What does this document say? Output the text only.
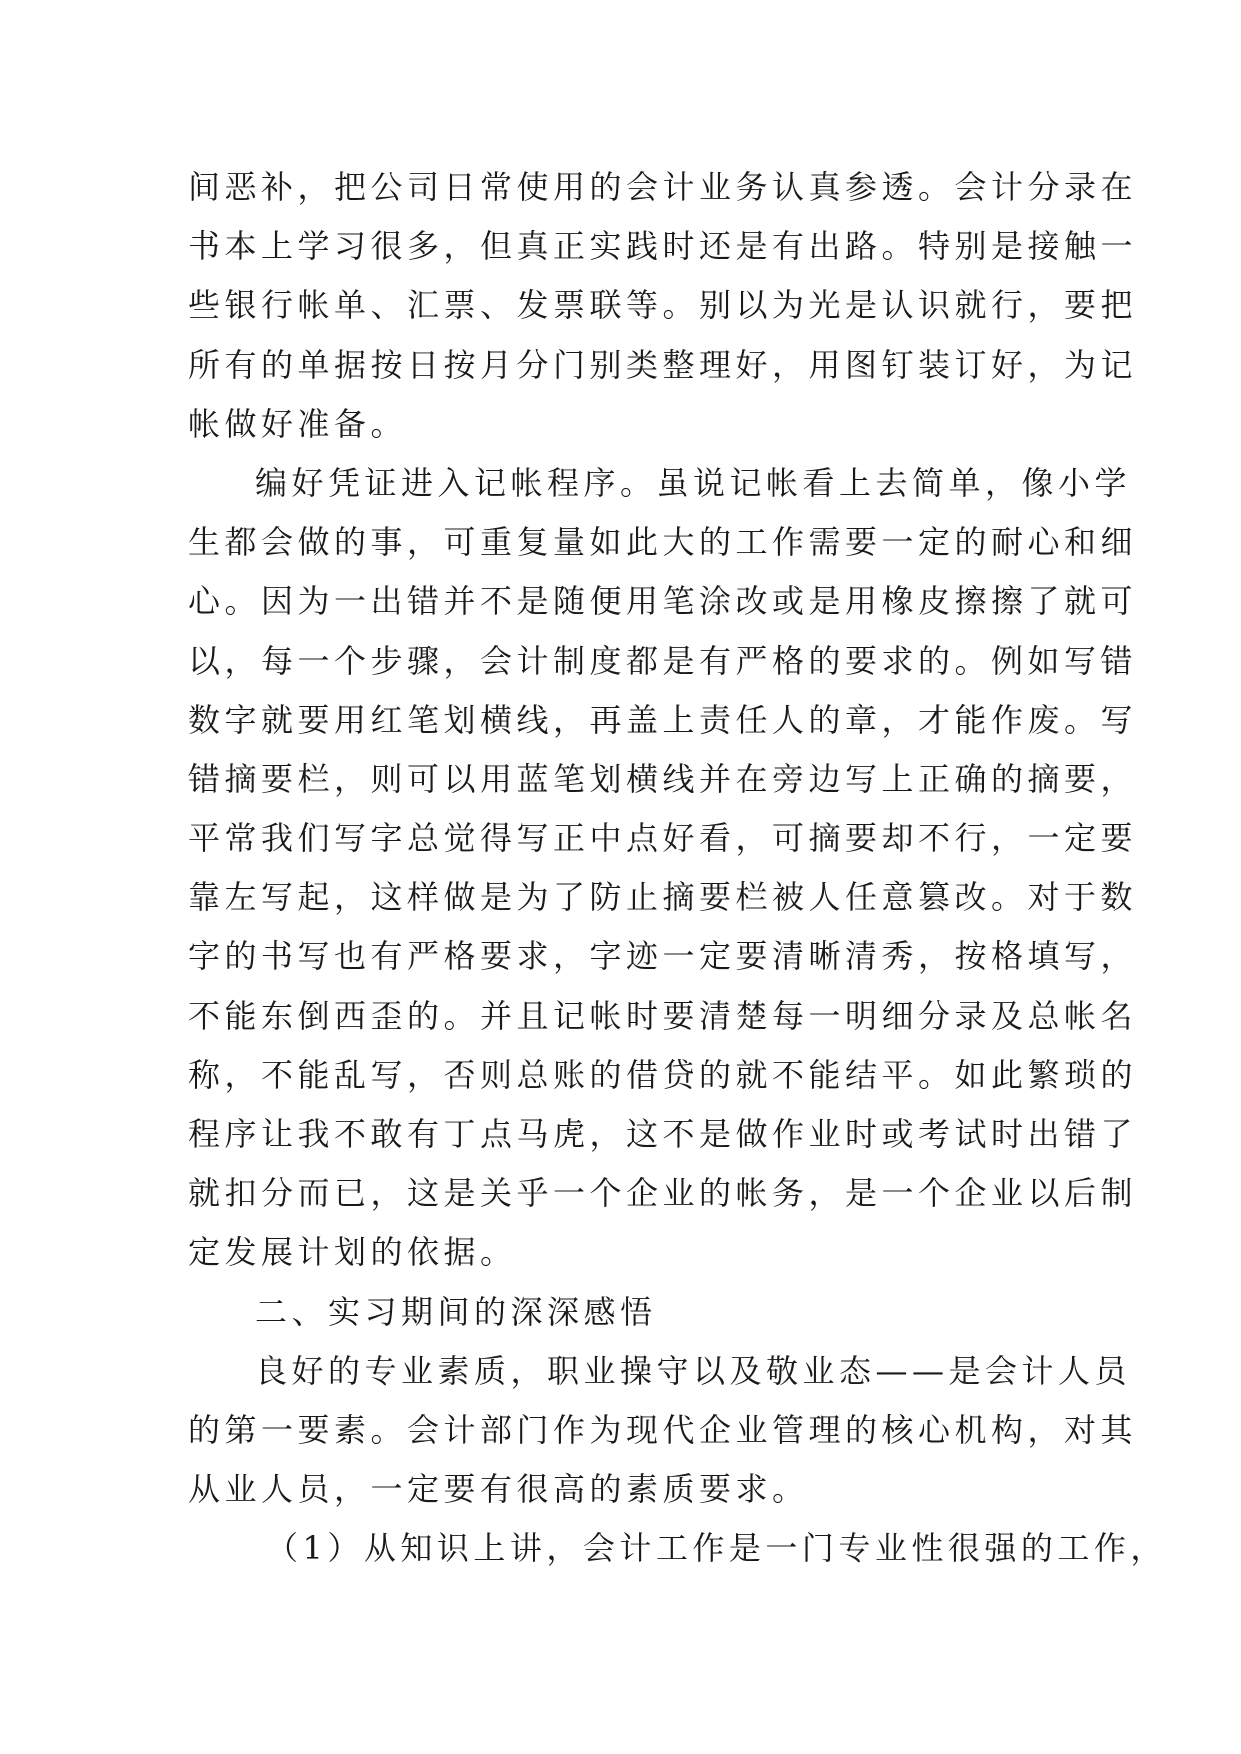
间恶补，把公司日常使用的会计业务认真参透。会计分录在
书本上学习很多，但真正实践时还是有出路。特别是接触一
些银行帐单、汇票、发票联等。别以为光是认识就行，要把
所有的单据按日按月分门别类整理好，用图钉装订好，为记
帐做好准备。
编好凭证进入记帐程序。虽说记帐看上去简单，像小学
生都会做的事，可重复量如此大的工作需要一定的耐心和细
心。因为一出错并不是随便用笔涂改或是用橡皮擦擦了就可
以，每一个步骤，会计制度都是有严格的要求的。例如写错
数字就要用红笔划横线，再盖上责任人的章，才能作废。写
错摘要栏，则可以用蓝笔划横线并在旁边写上正确的摘要，
平常我们写字总觉得写正中点好看，可摘要却不行，一定要
靠左写起，这样做是为了防止摘要栏被人任意篡改。对于数
字的书写也有严格要求，字迹一定要清晰清秀，按格填写，
不能东倒西歪的。并且记帐时要清楚每一明细分录及总帐名
称，不能乱写，否则总账的借贷的就不能结平。如此繁琐的
程序让我不敢有丁点马虎，这不是做作业时或考试时出错了
就扣分而已，这是关乎一个企业的帐务，是一个企业以后制
定发展计划的依据。
二、实习期间的深深感悟
良好的专业素质，职业操守以及敬业态——是会计人员
的第一要素。会计部门作为现代企业管理的核心机构，对其
从业人员，一定要有很高的素质要求。
（1）从知识上讲，会计工作是一门专业性很强的工作，
